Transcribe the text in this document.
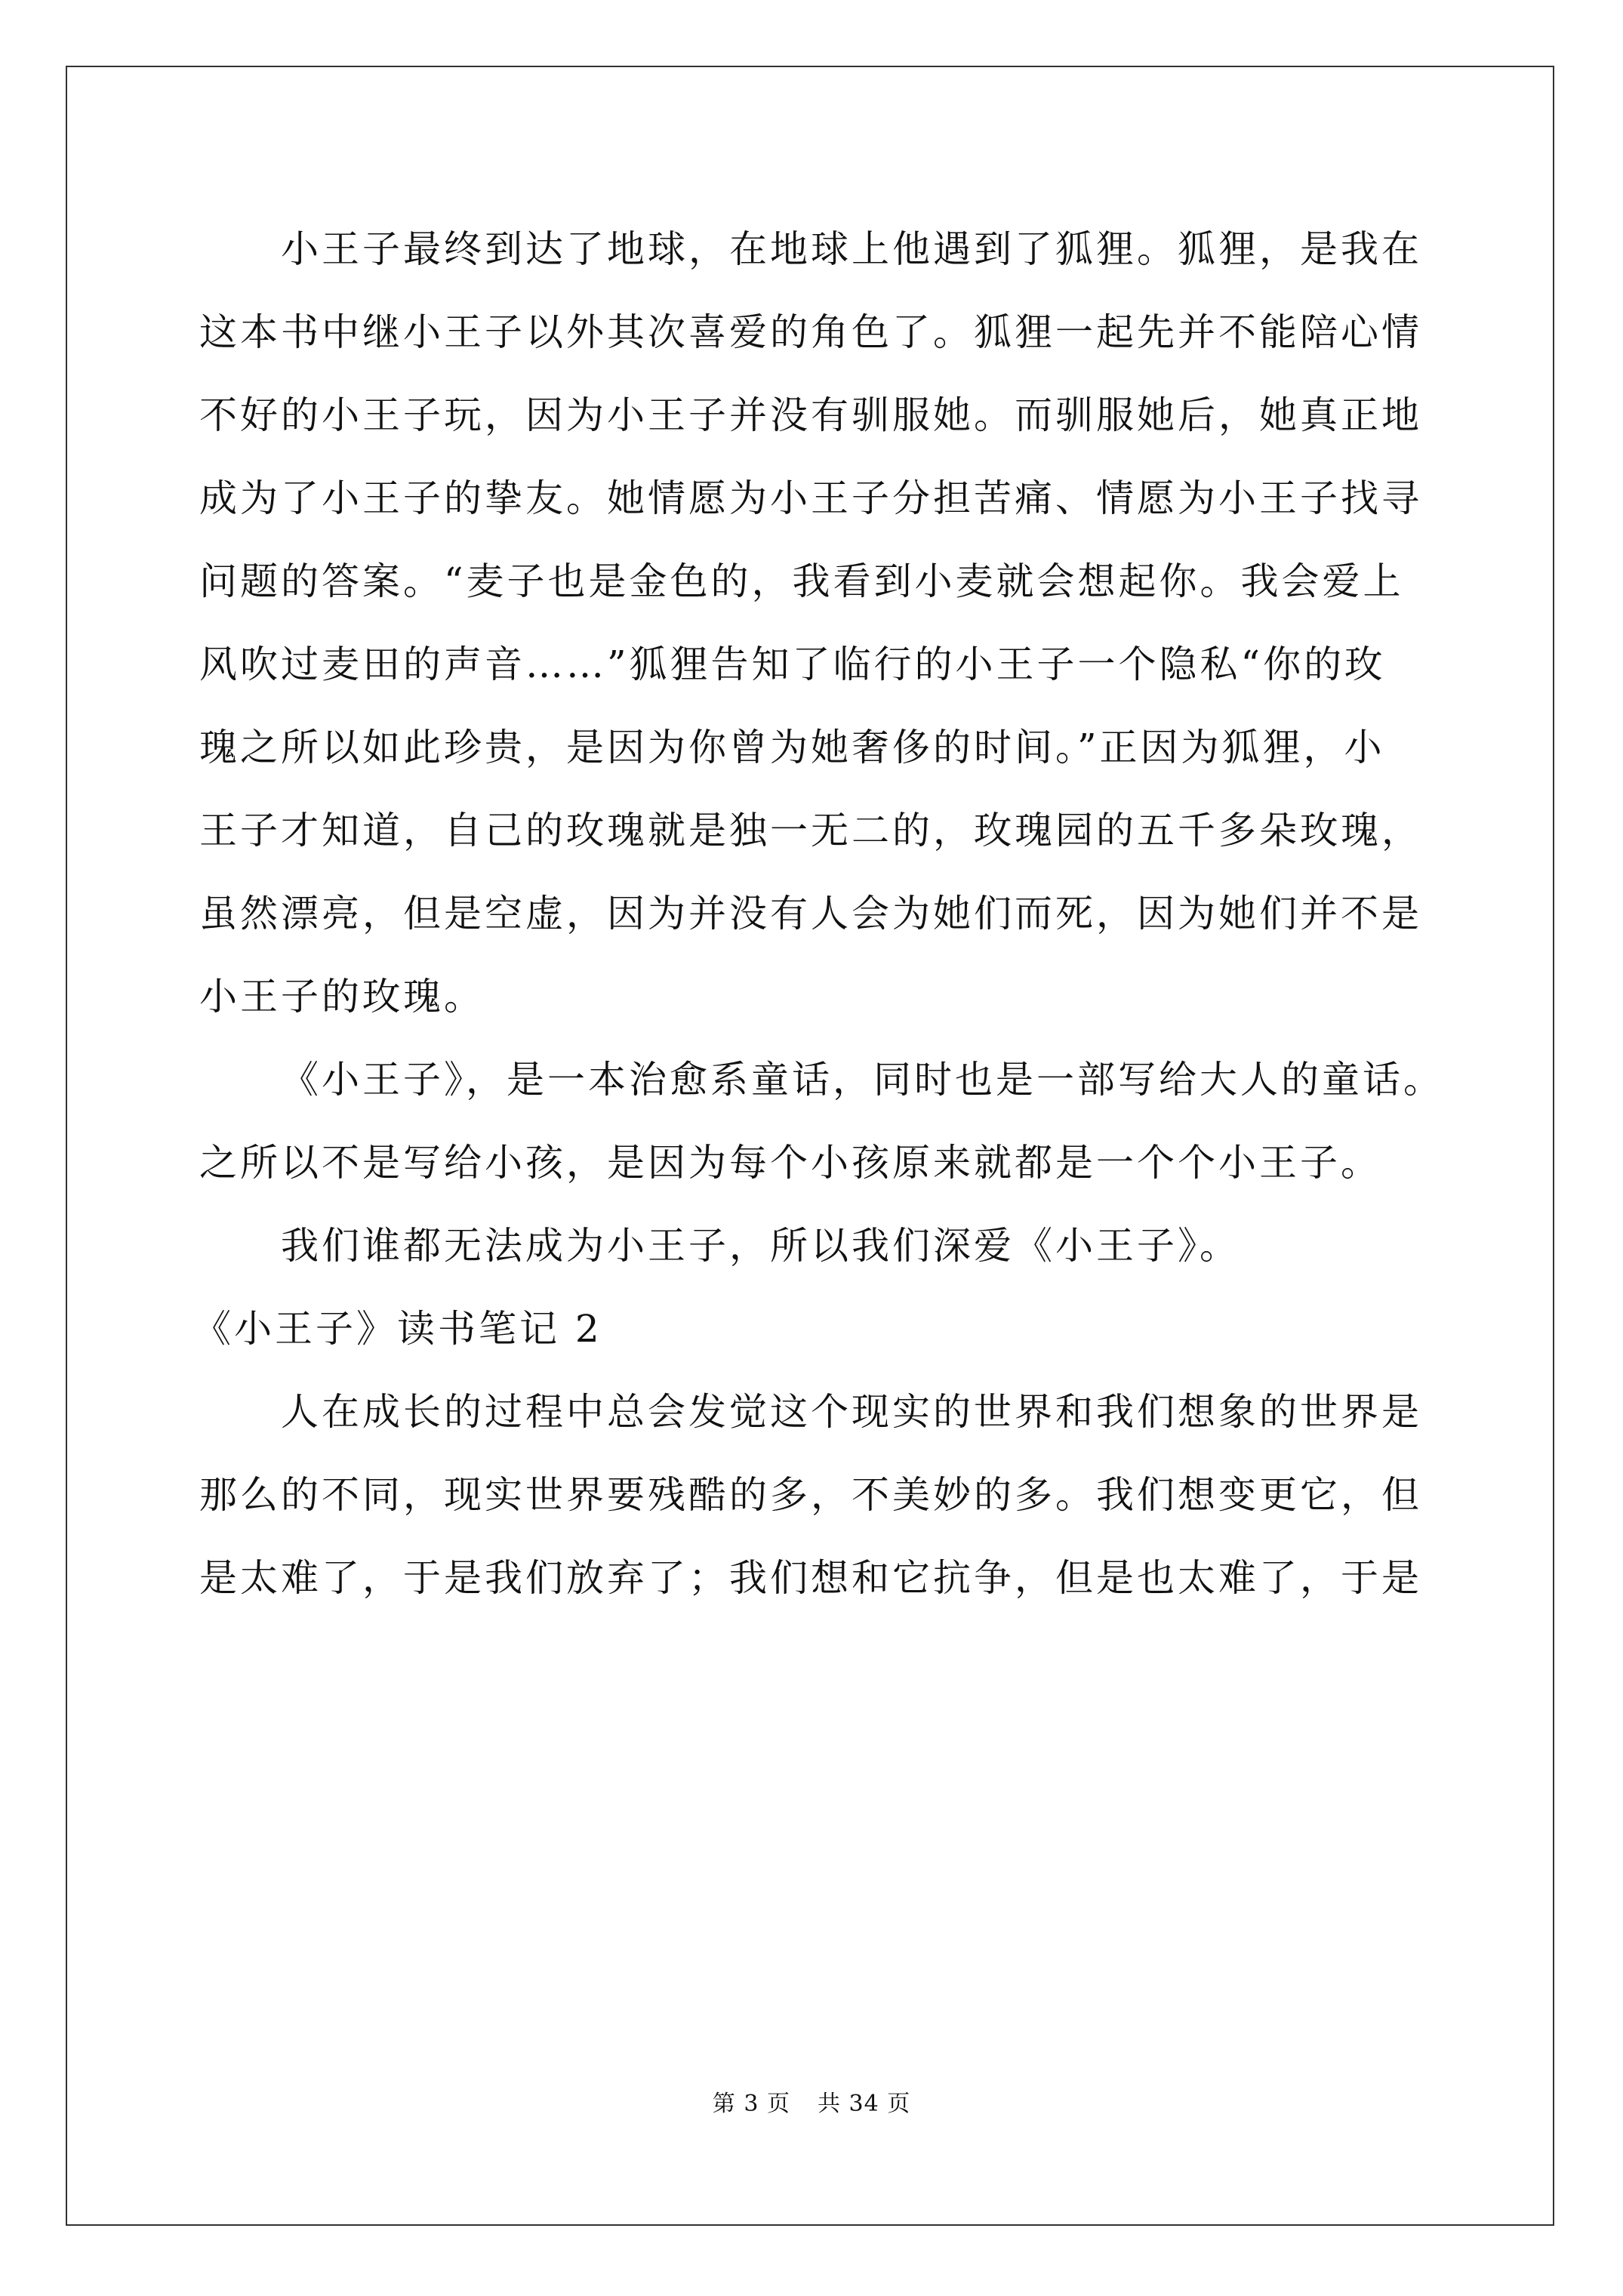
小王子最终到达了地球，在地球上他遇到了狐狸。狐狸，是我在
这本书中继小王子以外其次喜爱的角色了。狐狸一起先并不能陪心情
不好的小王子玩，因为小王子并没有驯服她。而驯服她后，她真正地
成为了小王子的挚友。她情愿为小王子分担苦痛、情愿为小王子找寻
问题的答案。“麦子也是金色的，我看到小麦就会想起你。我会爱上
风吹过麦田的声音……”狐狸告知了临行的小王子一个隐私“你的玫
瑰之所以如此珍贵，是因为你曾为她奢侈的时间。”正因为狐狸，小
王子才知道，自己的玫瑰就是独一无二的，玫瑰园的五千多朵玫瑰，
虽然漂亮，但是空虚，因为并没有人会为她们而死，因为她们并不是
小王子的玫瑰。
《小王子》，是一本治愈系童话，同时也是一部写给大人的童话。
之所以不是写给小孩，是因为每个小孩原来就都是一个个小王子。
我们谁都无法成为小王子，所以我们深爱《小王子》。
《小王子》读书笔记 2
人在成长的过程中总会发觉这个现实的世界和我们想象的世界是
那么的不同，现实世界要残酷的多，不美妙的多。我们想变更它，但
是太难了，于是我们放弃了；我们想和它抗争，但是也太难了，于是
第 3 页 共 34 页
